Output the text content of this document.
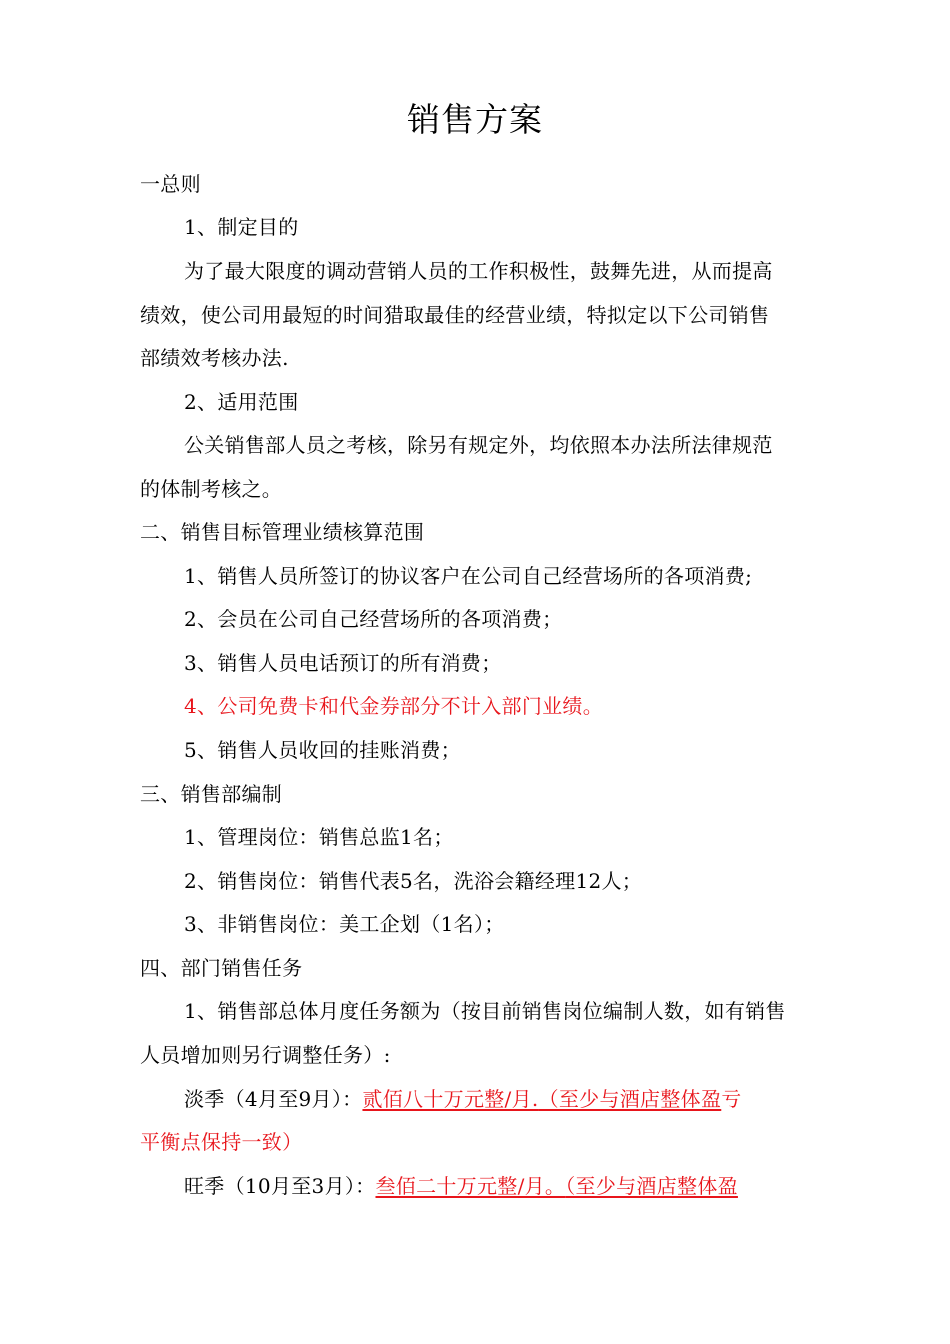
销售方案
一总则
1、制定目的
为了最大限度的调动营销人员的工作积极性，鼓舞先进，从而提高
绩效，使公司用最短的时间猎取最佳的经营业绩，特拟定以下公司销售
部绩效考核办法.
2、适用范围
公关销售部人员之考核，除另有规定外，均依照本办法所法律规范
的体制考核之。
二、销售目标管理业绩核算范围
1、销售人员所签订的协议客户在公司自己经营场所的各项消费;
2、会员在公司自己经营场所的各项消费；
3、销售人员电话预订的所有消费；
4、公司免费卡和代金券部分不计入部门业绩。
5、销售人员收回的挂账消费；
三、销售部编制
1、管理岗位：销售总监1名；
2、销售岗位：销售代表5名，洗浴会籍经理12人；
3、非销售岗位：美工企划（1名）；
四、部门销售任务
1、销售部总体月度任务额为（按目前销售岗位编制人数，如有销售
人员增加则另行调整任务）:
淡季（4月至9月）：贰佰八十万元整/月.（至少与酒店整体盈亏
平衡点保持一致）
旺季（10月至3月）：叁佰二十万元整/月。（至少与酒店整体盈
